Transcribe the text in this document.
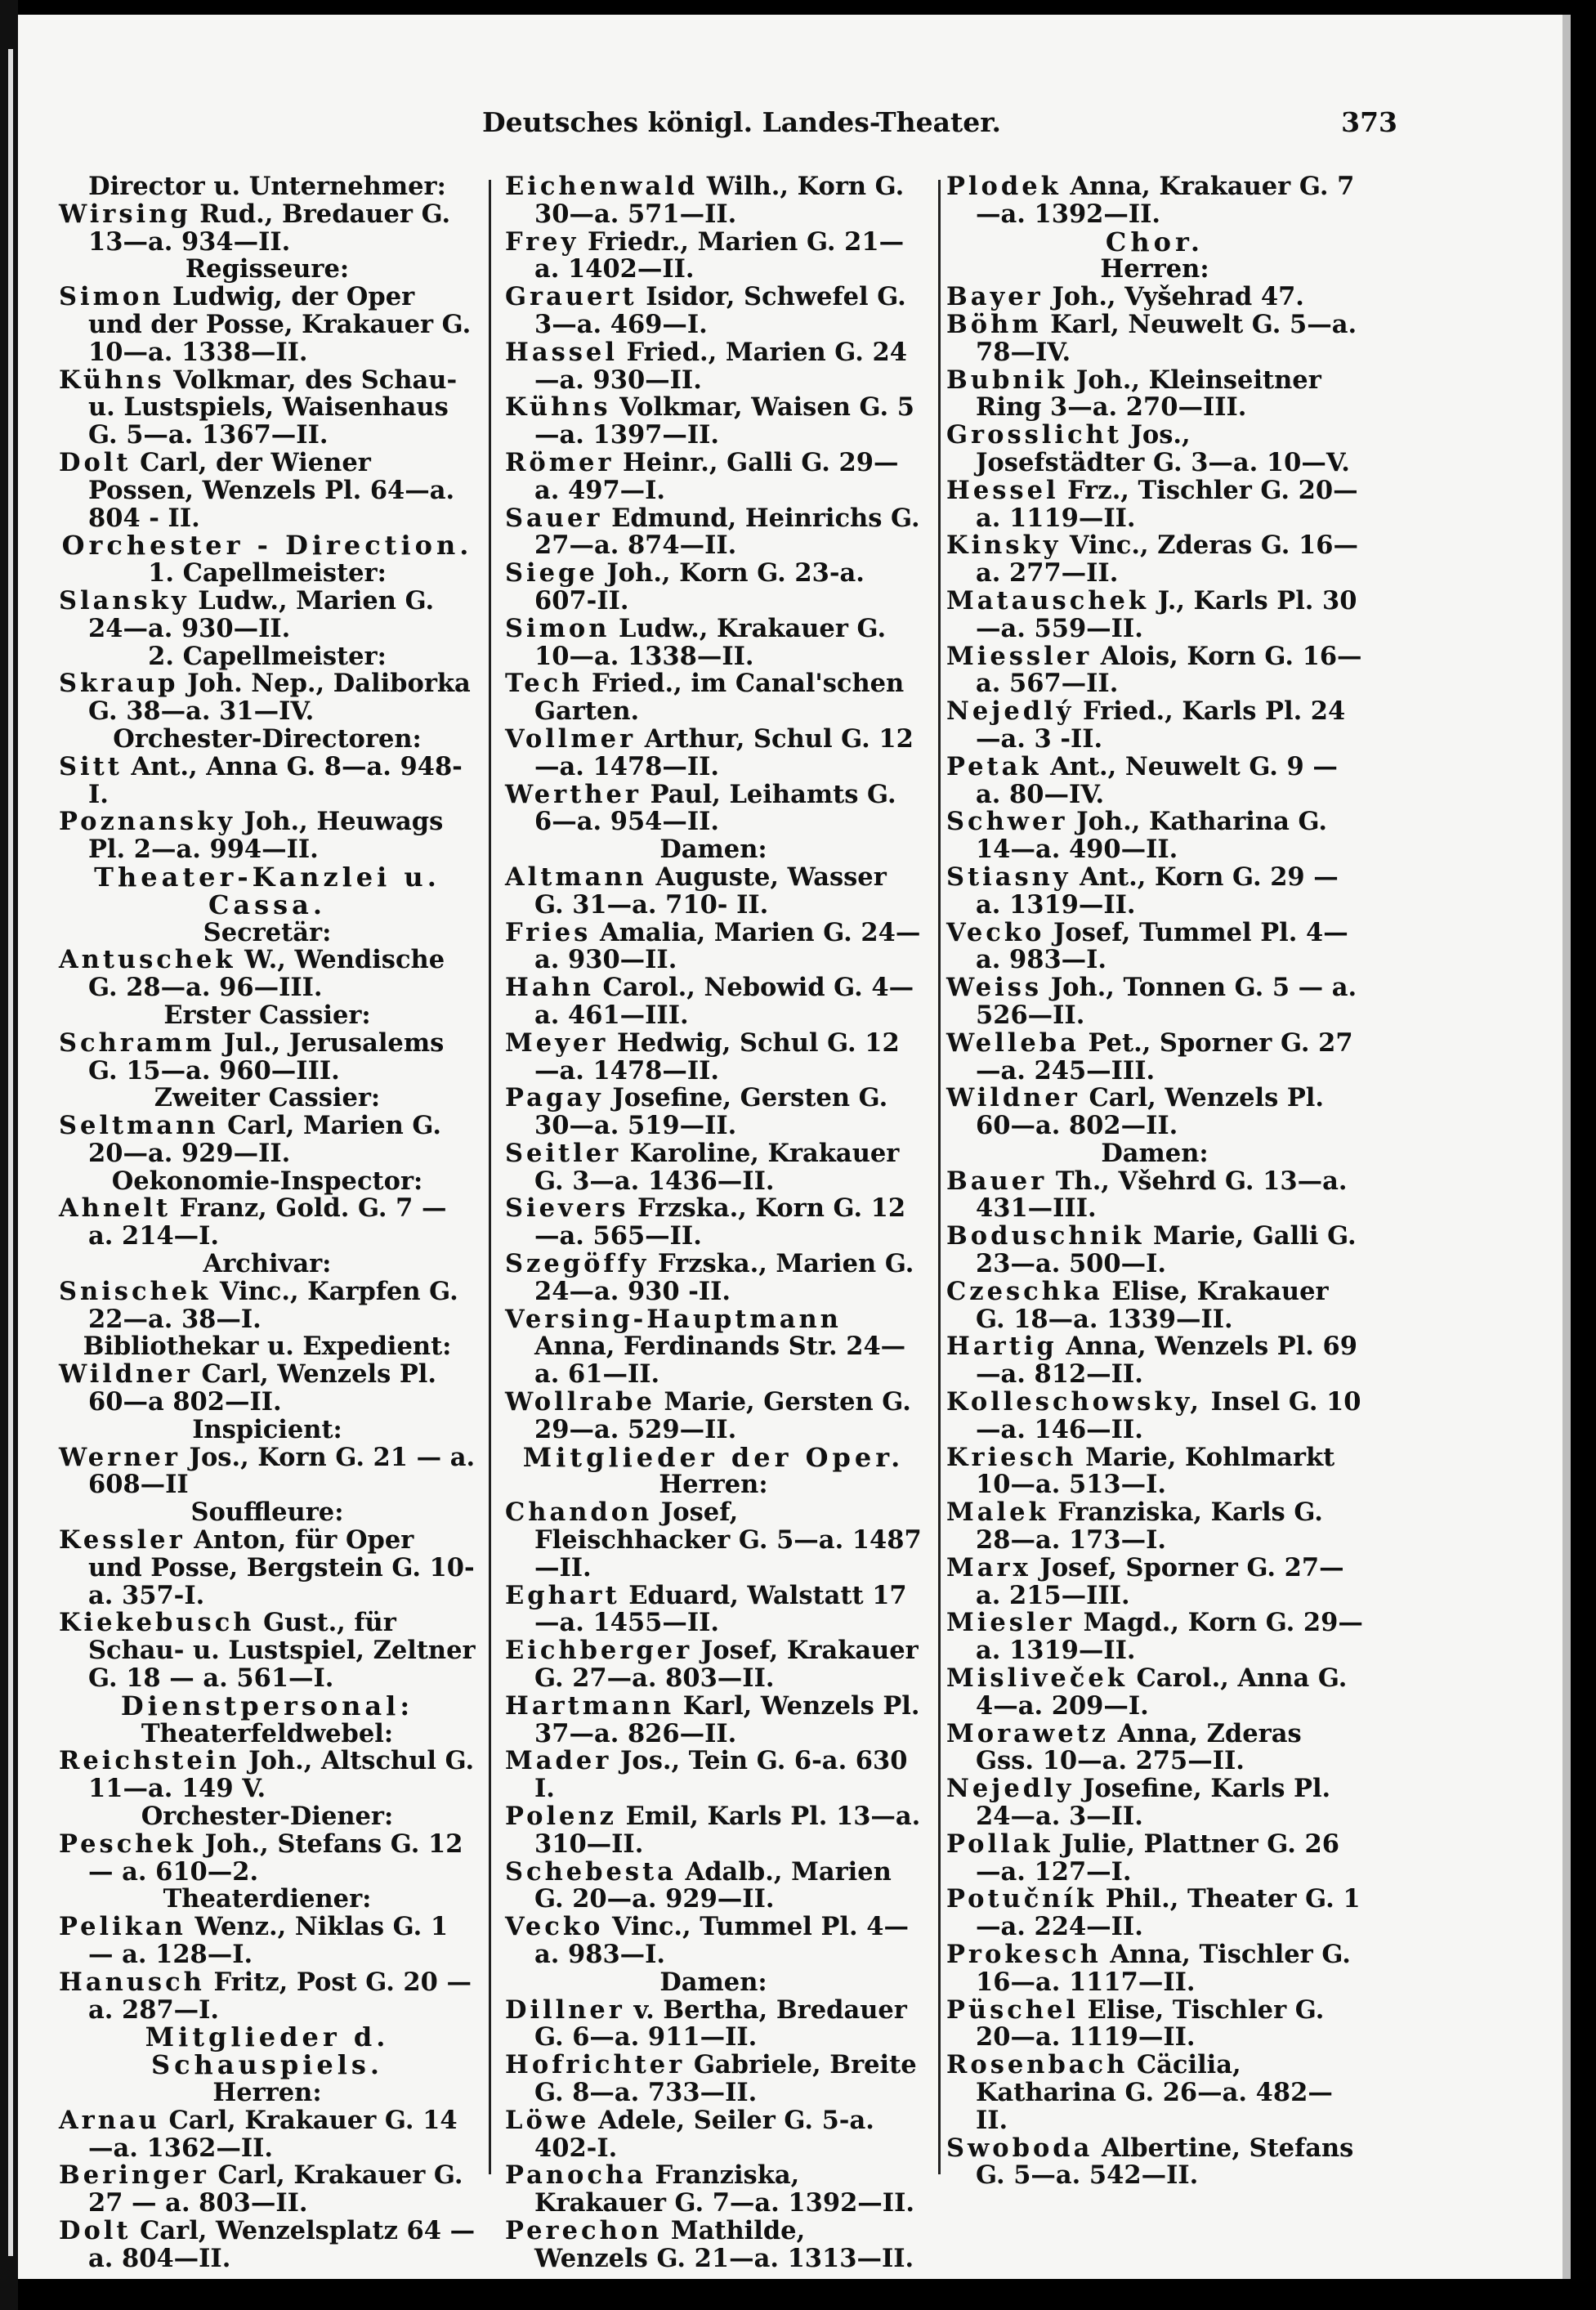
Deutsches königl. Landes-Theater.	373

Director u. Unternehmer:

Wirsing Rud., Bredauer G. 13—a. 934—II.

Regisseure:

Simon Ludwig, der Oper und der Posse, Krakauer G. 10—a. 1338—II.

Kühns Volkmar, des Schau- u. Lustspiels, Waisenhaus G. 5—a. 1367—II.

Dolt Carl, der Wiener Possen, Wenzels Pl. 64—a. 804 - II.

Orchester - Direction.

1. Capellmeister:

Slansky Ludw., Marien G. 24—a. 930—II.

2. Capellmeister:

Skraup Joh. Nep., Daliborka G. 38—a. 31—IV.

Orchester-Directoren:

Sitt Ant., Anna G. 8—a. 948-I.

Poznansky Joh., Heuwags Pl. 2—a. 994—II.

Theater-Kanzlei u. Cassa.

Secretär:

Antuschek W., Wendische G. 28—a. 96—III.

Erster Cassier:

Schramm Jul., Jerusalems G. 15—a. 960—III.

Zweiter Cassier:

Seltmann Carl, Marien G. 20—a. 929—II.

Oekonomie-Inspector:

Ahnelt Franz, Gold. G. 7 — a. 214—I.

Archivar:

Snischek Vinc., Karpfen G. 22—a. 38—I.

Bibliothekar u. Expedient:

Wildner Carl, Wenzels Pl. 60—a 802—II.

Inspicient:

Werner Jos., Korn G. 21 — a. 608—II

Souffleure:

Kessler Anton, für Oper und Posse, Bergstein G. 10-a. 357-I.

Kiekebusch Gust., für Schau- u. Lustspiel, Zeltner G. 18 — a. 561—I.

Dienstpersonal:

Theaterfeldwebel:

Reichstein Joh., Altschul G. 11—a. 149 V.

Orchester-Diener:

Peschek Joh., Stefans G. 12 — a. 610—2.

Theaterdiener:

Pelikan Wenz., Niklas G. 1 — a. 128—I.

Hanusch Fritz, Post G. 20 — a. 287—I.

Mitglieder d. Schauspiels.

Herren:

Arnau Carl, Krakauer G. 14—a. 1362—II.

Beringer Carl, Krakauer G. 27 — a. 803—II.

Dolt Carl, Wenzelsplatz 64 — a. 804—II.

Eichenwald Wilh., Korn G. 30—a. 571—II.

Frey Friedr., Marien G. 21—a. 1402—II.

Grauert Isidor, Schwefel G. 3—a. 469—I.

Hassel Fried., Marien G. 24—a. 930—II.

Kühns Volkmar, Waisen G. 5—a. 1397—II.

Römer Heinr., Galli G. 29—a. 497—I.

Sauer Edmund, Heinrichs G. 27—a. 874—II.

Siege Joh., Korn G. 23-a. 607-II.

Simon Ludw., Krakauer G. 10—a. 1338—II.

Tech Fried., im Canal'schen Garten.

Vollmer Arthur, Schul G. 12—a. 1478—II.

Werther Paul, Leihamts G. 6—a. 954—II.

Damen:

Altmann Auguste, Wasser G. 31—a. 710- II.

Fries Amalia, Marien G. 24—a. 930—II.

Hahn Carol., Nebowid G. 4—a. 461—III.

Meyer Hedwig, Schul G. 12—a. 1478—II.

Pagay Josefine, Gersten G. 30—a. 519—II.

Seitler Karoline, Krakauer G. 3—a. 1436—II.

Sievers Frzska., Korn G. 12—a. 565—II.

Szegöffy Frzska., Marien G. 24—a. 930 -II.

Versing-Hauptmann Anna, Ferdinands Str. 24—a. 61—II.

Wollrabe Marie, Gersten G. 29—a. 529—II.

Mitglieder der Oper.

Herren:

Chandon Josef, Fleischhacker G. 5—a. 1487—II.

Eghart Eduard, Walstatt 17—a. 1455—II.

Eichberger Josef, Krakauer G. 27—a. 803—II.

Hartmann Karl, Wenzels Pl. 37—a. 826—II.

Mader Jos., Tein G. 6-a. 630 I.

Polenz Emil, Karls Pl. 13—a. 310—II.

Schebesta Adalb., Marien G. 20—a. 929—II.

Vecko Vinc., Tummel Pl. 4—a. 983—I.

Damen:

Dillner v. Bertha, Bredauer G. 6—a. 911—II.

Hofrichter Gabriele, Breite G. 8—a. 733—II.

Löwe Adele, Seiler G. 5-a. 402-I.

Panocha Franziska, Krakauer G. 7—a. 1392—II.

Perechon Mathilde, Wenzels G. 21—a. 1313—II.

Plodek Anna, Krakauer G. 7—a. 1392—II.

Chor.

Herren:

Bayer Joh., Vyšehrad 47.

Böhm Karl, Neuwelt G. 5—a. 78—IV.

Bubnik Joh., Kleinseitner Ring 3—a. 270—III.

Grosslicht Jos., Josefstädter G. 3—a. 10—V.

Hessel Frz., Tischler G. 20—a. 1119—II.

Kinsky Vinc., Zderas G. 16—a. 277—II.

Matauschek J., Karls Pl. 30—a. 559—II.

Miessler Alois, Korn G. 16—a. 567—II.

Nejedlý Fried., Karls Pl. 24—a. 3 -II.

Petak Ant., Neuwelt G. 9 — a. 80—IV.

Schwer Joh., Katharina G. 14—a. 490—II.

Stiasny Ant., Korn G. 29 — a. 1319—II.

Vecko Josef, Tummel Pl. 4—a. 983—I.

Weiss Joh., Tonnen G. 5 — a. 526—II.

Welleba Pet., Sporner G. 27—a. 245—III.

Wildner Carl, Wenzels Pl. 60—a. 802—II.

Damen:

Bauer Th., Všehrd G. 13—a. 431—III.

Boduschnik Marie, Galli G. 23—a. 500—I.

Czeschka Elise, Krakauer G. 18—a. 1339—II.

Hartig Anna, Wenzels Pl. 69—a. 812—II.

Kolleschowsky, Insel G. 10—a. 146—II.

Kriesch Marie, Kohlmarkt 10—a. 513—I.

Malek Franziska, Karls G. 28—a. 173—I.

Marx Josef, Sporner G. 27—a. 215—III.

Miesler Magd., Korn G. 29—a. 1319—II.

Misliveček Carol., Anna G. 4—a. 209—I.

Morawetz Anna, Zderas Gss. 10—a. 275—II.

Nejedly Josefine, Karls Pl. 24—a. 3—II.

Pollak Julie, Plattner G. 26—a. 127—I.

Potučník Phil., Theater G. 1—a. 224—II.

Prokesch Anna, Tischler G. 16—a. 1117—II.

Püschel Elise, Tischler G. 20—a. 1119—II.

Rosenbach Cäcilia, Katharina G. 26—a. 482—II.

Swoboda Albertine, Stefans G. 5—a. 542—II.
